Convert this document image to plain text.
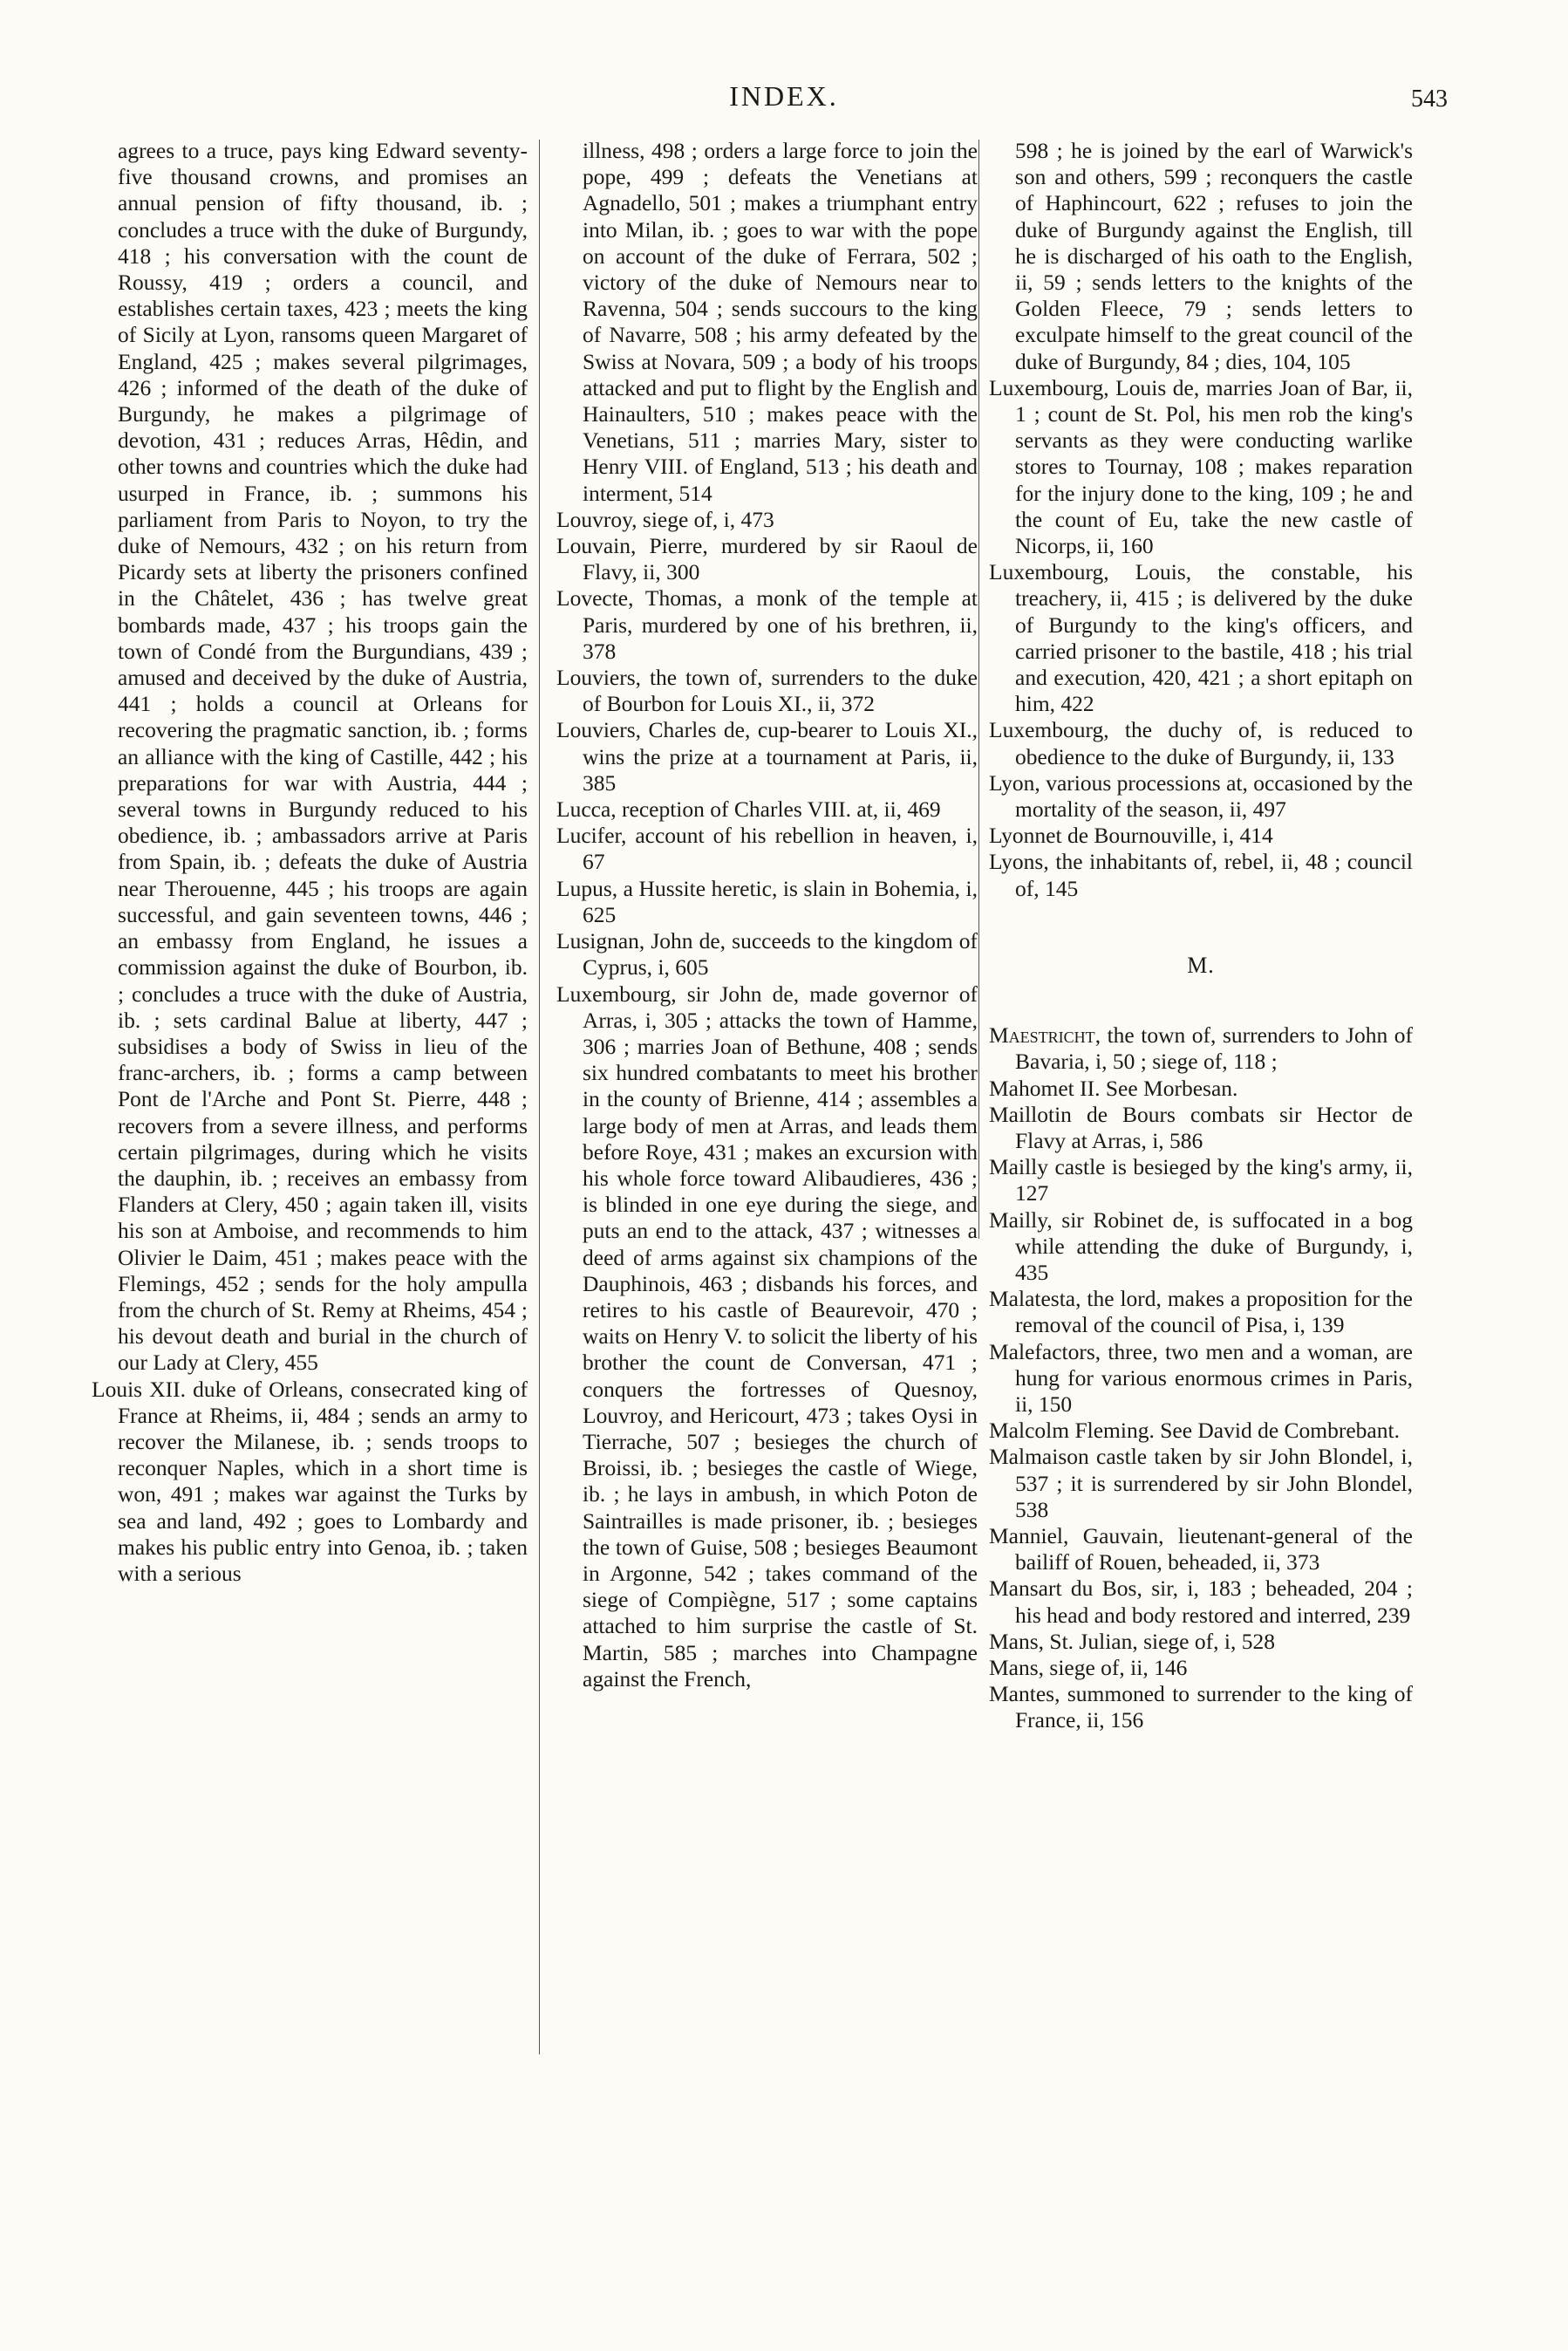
INDEX.	543

agrees to a truce, pays king Edward seventy-five thousand crowns, and promises an annual pension of fifty thousand, ib. ; concludes a truce with the duke of Burgundy, 418 ; his conversation with the count de Roussy, 419 ; orders a council, and establishes certain taxes, 423 ; meets the king of Sicily at Lyon, ransoms queen Margaret of England, 425 ; makes several pilgrimages, 426 ; informed of the death of the duke of Burgundy, he makes a pilgrimage of devotion, 431 ; reduces Arras, Hêdin, and other towns and countries which the duke had usurped in France, ib. ; summons his parliament from Paris to Noyon, to try the duke of Nemours, 432 ; on his return from Picardy sets at liberty the prisoners confined in the Châtelet, 436 ; has twelve great bombards made, 437 ; his troops gain the town of Condé from the Burgundians, 439 ; amused and deceived by the duke of Austria, 441 ; holds a council at Orleans for recovering the pragmatic sanction, ib. ; forms an alliance with the king of Castille, 442 ; his preparations for war with Austria, 444 ; several towns in Burgundy reduced to his obedience, ib. ; ambassadors arrive at Paris from Spain, ib. ; defeats the duke of Austria near Therouenne, 445 ; his troops are again successful, and gain seventeen towns, 446 ; an embassy from England, he issues a commission against the duke of Bourbon, ib. ; concludes a truce with the duke of Austria, ib. ; sets cardinal Balue at liberty, 447 ; subsidises a body of Swiss in lieu of the franc-archers, ib. ; forms a camp between Pont de l'Arche and Pont St. Pierre, 448 ; recovers from a severe illness, and performs certain pilgrimages, during which he visits the dauphin, ib. ; receives an embassy from Flanders at Clery, 450 ; again taken ill, visits his son at Amboise, and recommends to him Olivier le Daim, 451 ; makes peace with the Flemings, 452 ; sends for the holy ampulla from the church of St. Remy at Rheims, 454 ; his devout death and burial in the church of our Lady at Clery, 455

Louis XII. duke of Orleans, consecrated king of France at Rheims, ii, 484 ; sends an army to recover the Milanese, ib. ; sends troops to reconquer Naples, which in a short time is won, 491 ; makes war against the Turks by sea and land, 492 ; goes to Lombardy and makes his public entry into Genoa, ib. ; taken with a serious

illness, 498 ; orders a large force to join the pope, 499 ; defeats the Venetians at Agnadello, 501 ; makes a triumphant entry into Milan, ib. ; goes to war with the pope on account of the duke of Ferrara, 502 ; victory of the duke of Nemours near to Ravenna, 504 ; sends succours to the king of Navarre, 508 ; his army defeated by the Swiss at Novara, 509 ; a body of his troops attacked and put to flight by the English and Hainaulters, 510 ; makes peace with the Venetians, 511 ; marries Mary, sister to Henry VIII. of England, 513 ; his death and interment, 514

Louvroy, siege of, i, 473

Louvain, Pierre, murdered by sir Raoul de Flavy, ii, 300

Lovecte, Thomas, a monk of the temple at Paris, murdered by one of his brethren, ii, 378

Louviers, the town of, surrenders to the duke of Bourbon for Louis XI., ii, 372

Louviers, Charles de, cup-bearer to Louis XI., wins the prize at a tournament at Paris, ii, 385

Lucca, reception of Charles VIII. at, ii, 469

Lucifer, account of his rebellion in heaven, i, 67

Lupus, a Hussite heretic, is slain in Bohemia, i, 625

Lusignan, John de, succeeds to the kingdom of Cyprus, i, 605

Luxembourg, sir John de, made governor of Arras, i, 305 ; attacks the town of Hamme, 306 ; marries Joan of Bethune, 408 ; sends six hundred combatants to meet his brother in the county of Brienne, 414 ; assembles a large body of men at Arras, and leads them before Roye, 431 ; makes an excursion with his whole force toward Alibaudieres, 436 ; is blinded in one eye during the siege, and puts an end to the attack, 437 ; witnesses a deed of arms against six champions of the Dauphinois, 463 ; disbands his forces, and retires to his castle of Beaurevoir, 470 ; waits on Henry V. to solicit the liberty of his brother the count de Conversan, 471 ; conquers the fortresses of Quesnoy, Louvroy, and Hericourt, 473 ; takes Oysi in Tierrache, 507 ; besieges the church of Broissi, ib. ; besieges the castle of Wiege, ib. ; he lays in ambush, in which Poton de Saintrailles is made prisoner, ib. ; besieges the town of Guise, 508 ; besieges Beaumont in Argonne, 542 ; takes command of the siege of Compiègne, 517 ; some captains attached to him surprise the castle of St. Martin, 585 ; marches into Champagne against the French,

598 ; he is joined by the earl of Warwick's son and others, 599 ; reconquers the castle of Haphincourt, 622 ; refuses to join the duke of Burgundy against the English, till he is discharged of his oath to the English, ii, 59 ; sends letters to the knights of the Golden Fleece, 79 ; sends letters to exculpate himself to the great council of the duke of Burgundy, 84 ; dies, 104, 105

Luxembourg, Louis de, marries Joan of Bar, ii, 1 ; count de St. Pol, his men rob the king's servants as they were conducting warlike stores to Tournay, 108 ; makes reparation for the injury done to the king, 109 ; he and the count of Eu, take the new castle of Nicorps, ii, 160

Luxembourg, Louis, the constable, his treachery, ii, 415 ; is delivered by the duke of Burgundy to the king's officers, and carried prisoner to the bastile, 418 ; his trial and execution, 420, 421 ; a short epitaph on him, 422

Luxembourg, the duchy of, is reduced to obedience to the duke of Burgundy, ii, 133

Lyon, various processions at, occasioned by the mortality of the season, ii, 497

Lyonnet de Bournouville, i, 414

Lyons, the inhabitants of, rebel, ii, 48 ; council of, 145

M.

Maestricht, the town of, surrenders to John of Bavaria, i, 50 ; siege of, 118 ;

Mahomet II. See Morbesan.

Maillotin de Bours combats sir Hector de Flavy at Arras, i, 586

Mailly castle is besieged by the king's army, ii, 127

Mailly, sir Robinet de, is suffocated in a bog while attending the duke of Burgundy, i, 435

Malatesta, the lord, makes a proposition for the removal of the council of Pisa, i, 139

Malefactors, three, two men and a woman, are hung for various enormous crimes in Paris, ii, 150

Malcolm Fleming. See David de Combrebant.

Malmaison castle taken by sir John Blondel, i, 537 ; it is surrendered by sir John Blondel, 538

Manniel, Gauvain, lieutenant-general of the bailiff of Rouen, beheaded, ii, 373

Mansart du Bos, sir, i, 183 ; beheaded, 204 ; his head and body restored and interred, 239

Mans, St. Julian, siege of, i, 528

Mans, siege of, ii, 146

Mantes, summoned to surrender to the king of France, ii, 156
